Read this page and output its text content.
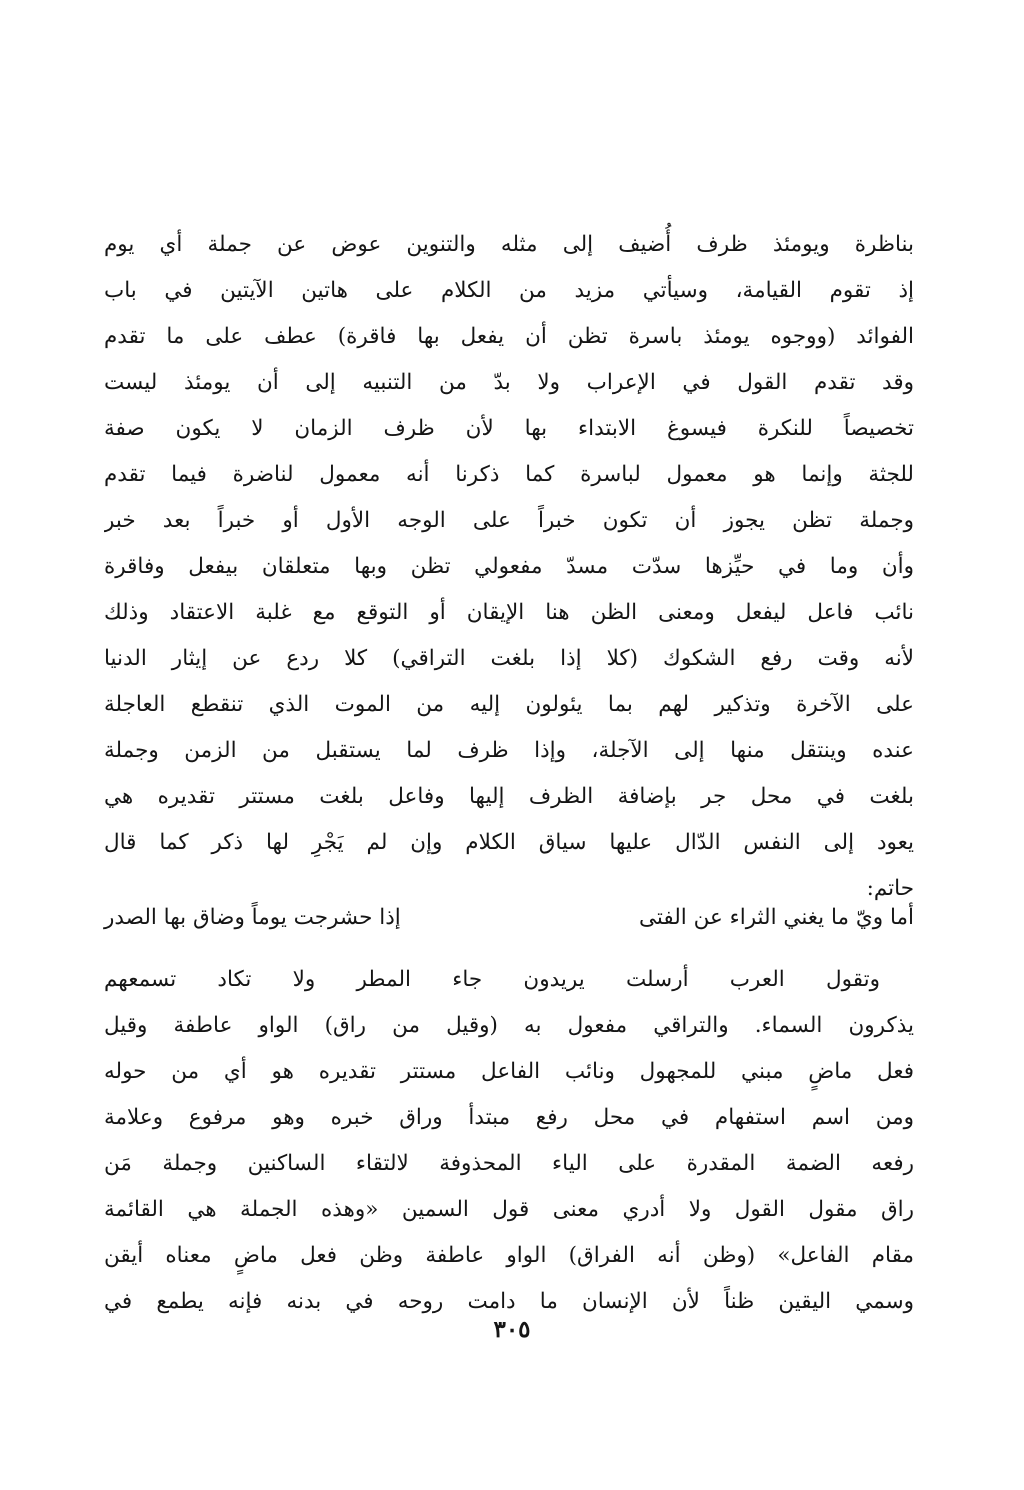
بناظرة ويومئذ ظرف أُضيف إلى مثله والتنوين عوض عن جملة أي يوم
إذ تقوم القيامة، وسيأتي مزيد من الكلام على هاتين الآيتين في باب
الفوائد (ووجوه يومئذ باسرة تظن أن يفعل بها فاقرة) عطف على ما تقدم
وقد تقدم القول في الإعراب ولا بدّ من التنبيه إلى أن يومئذ ليست
تخصيصاً للنكرة فيسوغ الابتداء بها لأن ظرف الزمان لا يكون صفة
للجثة وإنما هو معمول لباسرة كما ذكرنا أنه معمول لناضرة فيما تقدم
وجملة تظن يجوز أن تكون خبراً على الوجه الأول أو خبراً بعد خبر
وأن وما في حيِّزها سدّت مسدّ مفعولي تظن وبها متعلقان بيفعل وفاقرة
نائب فاعل ليفعل ومعنى الظن هنا الإيقان أو التوقع مع غلبة الاعتقاد وذلك
لأنه وقت رفع الشكوك (كلا إذا بلغت التراقي) كلا ردع عن إيثار الدنيا
على الآخرة وتذكير لهم بما يئولون إليه من الموت الذي تنقطع العاجلة
عنده وينتقل منها إلى الآجلة، وإذا ظرف لما يستقبل من الزمن وجملة
بلغت في محل جر بإضافة الظرف إليها وفاعل بلغت مستتر تقديره هي
يعود إلى النفس الدّال عليها سياق الكلام وإن لم يَجْرِ لها ذكر كما قال
حاتم:
أما ويّ ما يغني الثراء عن الفتى
إذا حشرجت يوماً وضاق بها الصدر
وتقول العرب أرسلت يريدون جاء المطر ولا تكاد تسمعهم
يذكرون السماء. والتراقي مفعول به (وقيل من راق) الواو عاطفة وقيل
فعل ماضٍ مبني للمجهول ونائب الفاعل مستتر تقديره هو أي من حوله
ومن اسم استفهام في محل رفع مبتدأ وراق خبره وهو مرفوع وعلامة
رفعه الضمة المقدرة على الياء المحذوفة لالتقاء الساكنين وجملة مَن
راق مقول القول ولا أدري معنى قول السمين «وهذه الجملة هي القائمة
مقام الفاعل» (وظن أنه الفراق) الواو عاطفة وظن فعل ماضٍ معناه أيقن
وسمي اليقين ظناً لأن الإنسان ما دامت روحه في بدنه فإنه يطمع في
٣٠٥
